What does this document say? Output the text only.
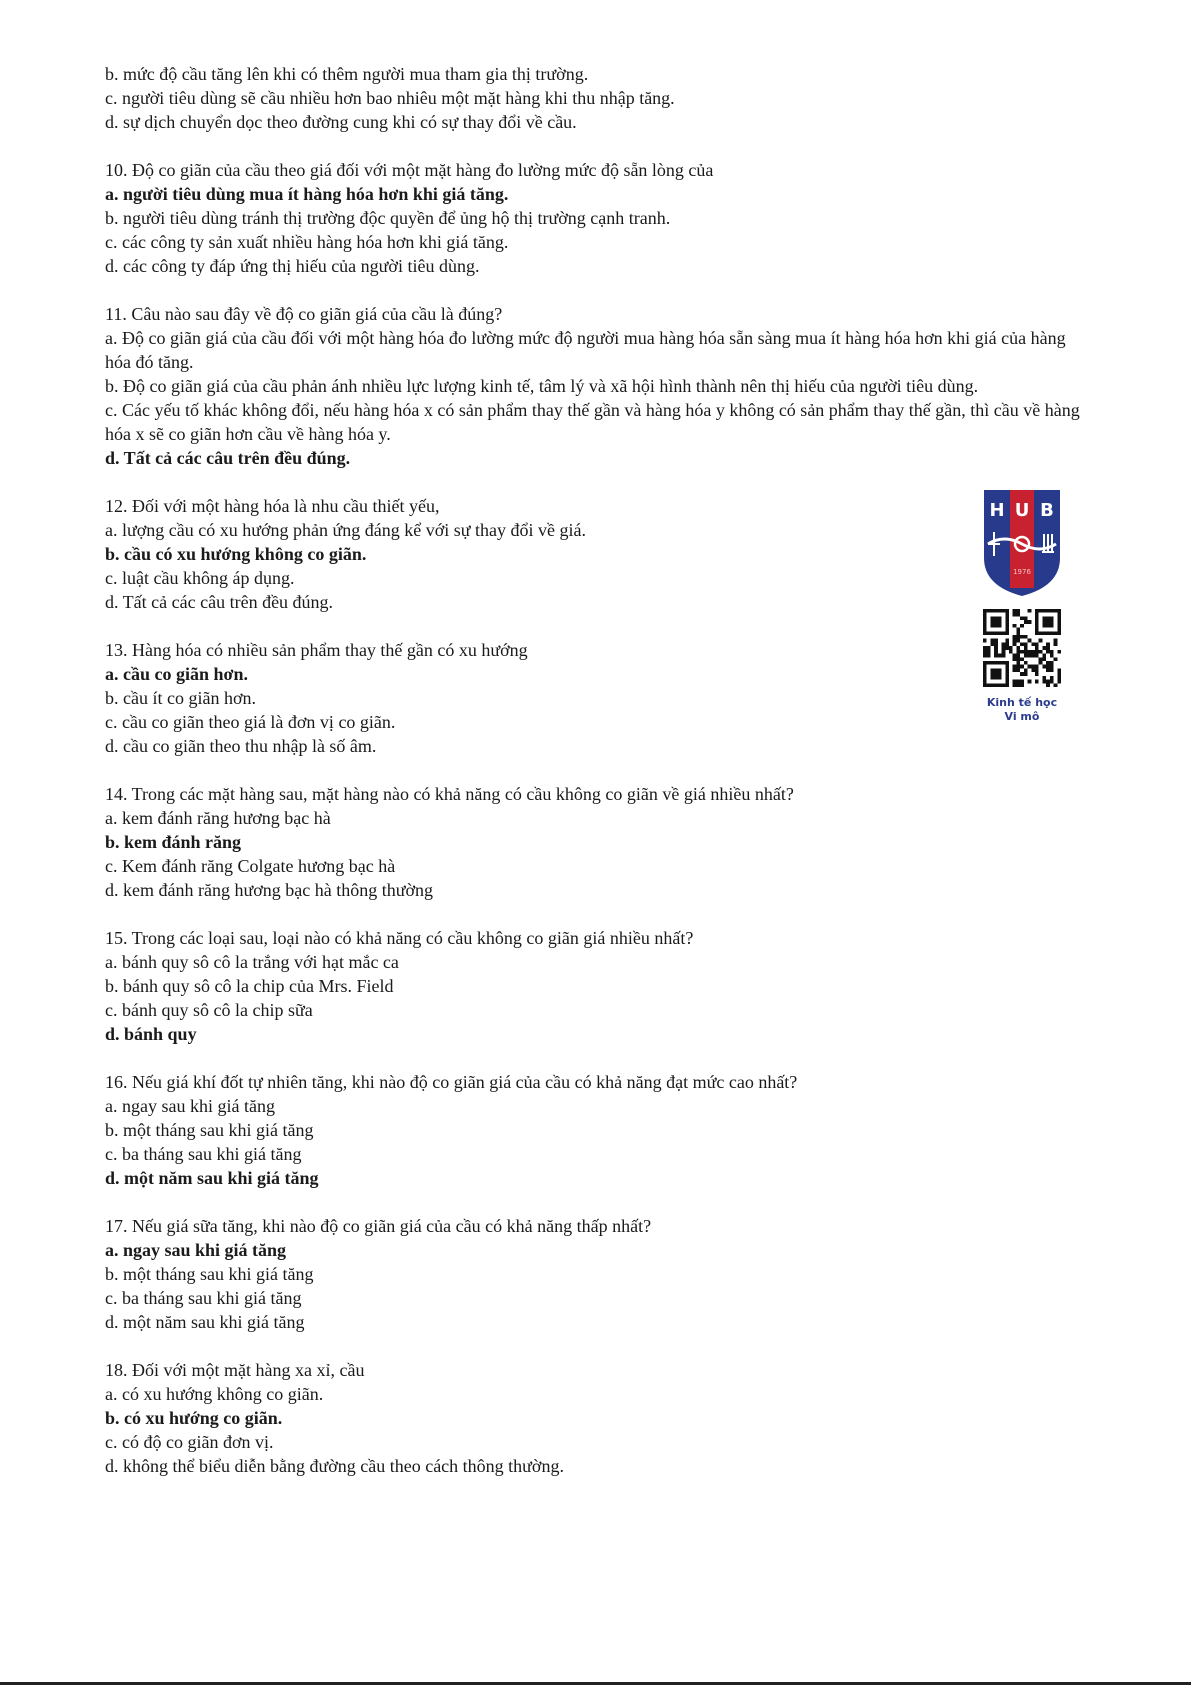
b. mức độ cầu tăng lên khi có thêm người mua tham gia thị trường.

c. người tiêu dùng sẽ cầu nhiều hơn bao nhiêu một mặt hàng khi thu nhập tăng.

d. sự dịch chuyển dọc theo đường cung khi có sự thay đổi về cầu.

10. Độ co giãn của cầu theo giá đối với một mặt hàng đo lường mức độ sẵn lòng của

a. người tiêu dùng mua ít hàng hóa hơn khi giá tăng.

b. người tiêu dùng tránh thị trường độc quyền để ủng hộ thị trường cạnh tranh.

c. các công ty sản xuất nhiều hàng hóa hơn khi giá tăng.

d. các công ty đáp ứng thị hiếu của người tiêu dùng.

11. Câu nào sau đây về độ co giãn giá của cầu là đúng?

a. Độ co giãn giá của cầu đối với một hàng hóa đo lường mức độ người mua hàng hóa sẵn sàng mua ít hàng hóa hơn khi giá của hàng hóa đó tăng.

b. Độ co giãn giá của cầu phản ánh nhiều lực lượng kinh tế, tâm lý và xã hội hình thành nên thị hiếu của người tiêu dùng.

c. Các yếu tố khác không đổi, nếu hàng hóa x có sản phẩm thay thế gần và hàng hóa y không có sản phẩm thay thế gần, thì cầu về hàng hóa x sẽ co giãn hơn cầu về hàng hóa y.

d. Tất cả các câu trên đều đúng.

12. Đối với một hàng hóa là nhu cầu thiết yếu,

a. lượng cầu có xu hướng phản ứng đáng kể với sự thay đổi về giá.

b. cầu có xu hướng không co giãn.

c. luật cầu không áp dụng.

d. Tất cả các câu trên đều đúng.

13. Hàng hóa có nhiều sản phẩm thay thế gần có xu hướng

a. cầu co giãn hơn.

b. cầu ít co giãn hơn.

c. cầu co giãn theo giá là đơn vị co giãn.

d. cầu co giãn theo thu nhập là số âm.

14. Trong các mặt hàng sau, mặt hàng nào có khả năng có cầu không co giãn về giá nhiều nhất?

a. kem đánh răng hương bạc hà

b. kem đánh răng

c. Kem đánh răng Colgate hương bạc hà

d. kem đánh răng hương bạc hà thông thường

15. Trong các loại sau, loại nào có khả năng có cầu không co giãn giá nhiều nhất?

a. bánh quy sô cô la trắng với hạt mắc ca

b. bánh quy sô cô la chip của Mrs. Field

c. bánh quy sô cô la chip sữa

d. bánh quy

16. Nếu giá khí đốt tự nhiên tăng, khi nào độ co giãn giá của cầu có khả năng đạt mức cao nhất?

a. ngay sau khi giá tăng

b. một tháng sau khi giá tăng

c. ba tháng sau khi giá tăng

d. một năm sau khi giá tăng

17. Nếu giá sữa tăng, khi nào độ co giãn giá của cầu có khả năng thấp nhất?

a. ngay sau khi giá tăng

b. một tháng sau khi giá tăng

c. ba tháng sau khi giá tăng

d. một năm sau khi giá tăng

18. Đối với một mặt hàng xa xỉ, cầu

a. có xu hướng không co giãn.

b. có xu hướng co giãn.

c. có độ co giãn đơn vị.

d. không thể biểu diễn bằng đường cầu theo cách thông thường.

H U B
1976
Kinh tế học
Vi mô
